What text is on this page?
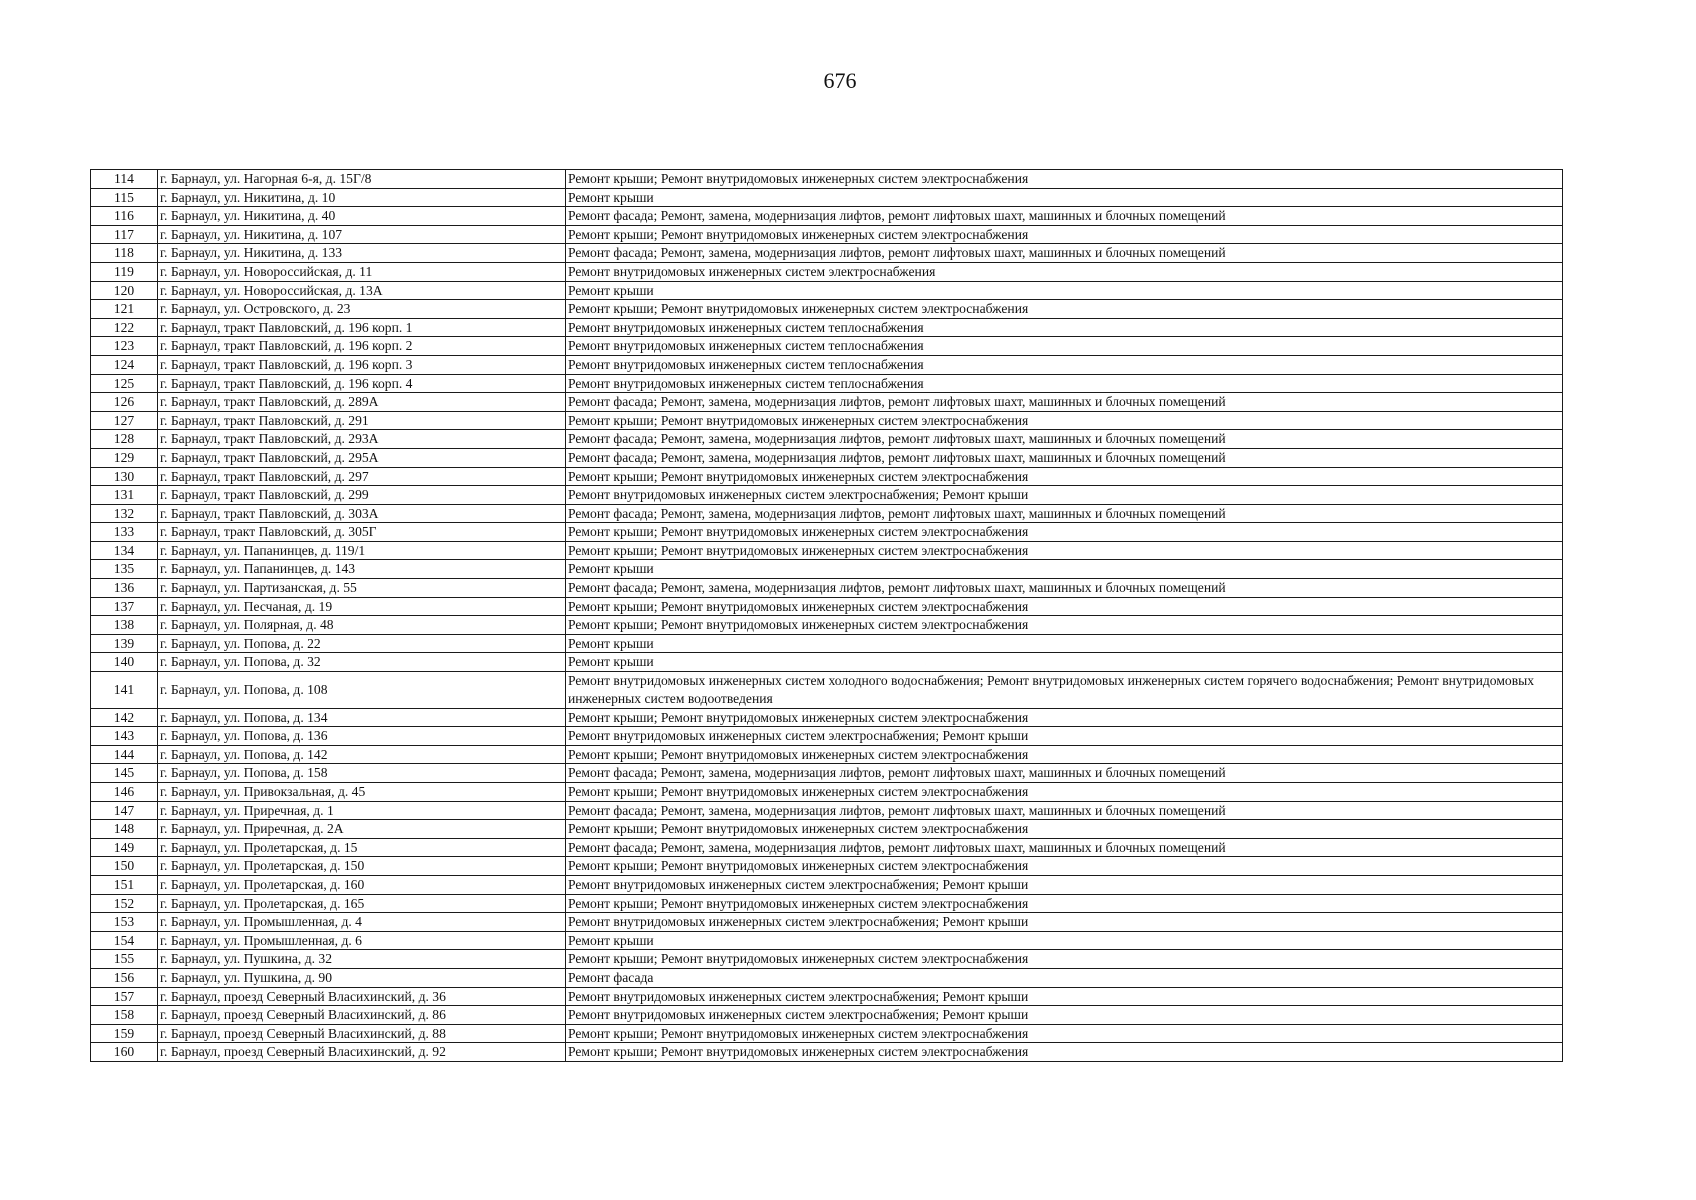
676
114	г. Барнаул, ул. Нагорная 6-я, д. 15Г/8	Ремонт крыши; Ремонт внутридомовых инженерных систем электроснабжения
115	г. Барнаул, ул. Никитина, д. 10	Ремонт крыши
116	г. Барнаул, ул. Никитина, д. 40	Ремонт фасада; Ремонт, замена, модернизация лифтов, ремонт лифтовых шахт, машинных и блочных помещений
117	г. Барнаул, ул. Никитина, д. 107	Ремонт крыши; Ремонт внутридомовых инженерных систем электроснабжения
118	г. Барнаул, ул. Никитина, д. 133	Ремонт фасада; Ремонт, замена, модернизация лифтов, ремонт лифтовых шахт, машинных и блочных помещений
119	г. Барнаул, ул. Новороссийская, д. 11	Ремонт внутридомовых инженерных систем электроснабжения
120	г. Барнаул, ул. Новороссийская, д. 13А	Ремонт крыши
121	г. Барнаул, ул. Островского, д. 23	Ремонт крыши; Ремонт внутридомовых инженерных систем электроснабжения
122	г. Барнаул, тракт Павловский, д. 196 корп. 1	Ремонт внутридомовых инженерных систем теплоснабжения
123	г. Барнаул, тракт Павловский, д. 196 корп. 2	Ремонт внутридомовых инженерных систем теплоснабжения
124	г. Барнаул, тракт Павловский, д. 196 корп. 3	Ремонт внутридомовых инженерных систем теплоснабжения
125	г. Барнаул, тракт Павловский, д. 196 корп. 4	Ремонт внутридомовых инженерных систем теплоснабжения
126	г. Барнаул, тракт Павловский, д. 289А	Ремонт фасада; Ремонт, замена, модернизация лифтов, ремонт лифтовых шахт, машинных и блочных помещений
127	г. Барнаул, тракт Павловский, д. 291	Ремонт крыши; Ремонт внутридомовых инженерных систем электроснабжения
128	г. Барнаул, тракт Павловский, д. 293А	Ремонт фасада; Ремонт, замена, модернизация лифтов, ремонт лифтовых шахт, машинных и блочных помещений
129	г. Барнаул, тракт Павловский, д. 295А	Ремонт фасада; Ремонт, замена, модернизация лифтов, ремонт лифтовых шахт, машинных и блочных помещений
130	г. Барнаул, тракт Павловский, д. 297	Ремонт крыши; Ремонт внутридомовых инженерных систем электроснабжения
131	г. Барнаул, тракт Павловский, д. 299	Ремонт внутридомовых инженерных систем электроснабжения; Ремонт крыши
132	г. Барнаул, тракт Павловский, д. 303А	Ремонт фасада; Ремонт, замена, модернизация лифтов, ремонт лифтовых шахт, машинных и блочных помещений
133	г. Барнаул, тракт Павловский, д. 305Г	Ремонт крыши; Ремонт внутридомовых инженерных систем электроснабжения
134	г. Барнаул, ул. Папанинцев, д. 119/1	Ремонт крыши; Ремонт внутридомовых инженерных систем электроснабжения
135	г. Барнаул, ул. Папанинцев, д. 143	Ремонт крыши
136	г. Барнаул, ул. Партизанская, д. 55	Ремонт фасада; Ремонт, замена, модернизация лифтов, ремонт лифтовых шахт, машинных и блочных помещений
137	г. Барнаул, ул. Песчаная, д. 19	Ремонт крыши; Ремонт внутридомовых инженерных систем электроснабжения
138	г. Барнаул, ул. Полярная, д. 48	Ремонт крыши; Ремонт внутридомовых инженерных систем электроснабжения
139	г. Барнаул, ул. Попова, д. 22	Ремонт крыши
140	г. Барнаул, ул. Попова, д. 32	Ремонт крыши
141	г. Барнаул, ул. Попова, д. 108	Ремонт внутридомовых инженерных систем холодного водоснабжения; Ремонт внутридомовых инженерных систем горячего водоснабжения; Ремонт внутридомовых инженерных систем водоотведения
142	г. Барнаул, ул. Попова, д. 134	Ремонт крыши; Ремонт внутридомовых инженерных систем электроснабжения
143	г. Барнаул, ул. Попова, д. 136	Ремонт внутридомовых инженерных систем электроснабжения; Ремонт крыши
144	г. Барнаул, ул. Попова, д. 142	Ремонт крыши; Ремонт внутридомовых инженерных систем электроснабжения
145	г. Барнаул, ул. Попова, д. 158	Ремонт фасада; Ремонт, замена, модернизация лифтов, ремонт лифтовых шахт, машинных и блочных помещений
146	г. Барнаул, ул. Привокзальная, д. 45	Ремонт крыши; Ремонт внутридомовых инженерных систем электроснабжения
147	г. Барнаул, ул. Приречная, д. 1	Ремонт фасада; Ремонт, замена, модернизация лифтов, ремонт лифтовых шахт, машинных и блочных помещений
148	г. Барнаул, ул. Приречная, д. 2А	Ремонт крыши; Ремонт внутридомовых инженерных систем электроснабжения
149	г. Барнаул, ул. Пролетарская, д. 15	Ремонт фасада; Ремонт, замена, модернизация лифтов, ремонт лифтовых шахт, машинных и блочных помещений
150	г. Барнаул, ул. Пролетарская, д. 150	Ремонт крыши; Ремонт внутридомовых инженерных систем электроснабжения
151	г. Барнаул, ул. Пролетарская, д. 160	Ремонт внутридомовых инженерных систем электроснабжения; Ремонт крыши
152	г. Барнаул, ул. Пролетарская, д. 165	Ремонт крыши; Ремонт внутридомовых инженерных систем электроснабжения
153	г. Барнаул, ул. Промышленная, д. 4	Ремонт внутридомовых инженерных систем электроснабжения; Ремонт крыши
154	г. Барнаул, ул. Промышленная, д. 6	Ремонт крыши
155	г. Барнаул, ул. Пушкина, д. 32	Ремонт крыши; Ремонт внутридомовых инженерных систем электроснабжения
156	г. Барнаул, ул. Пушкина, д. 90	Ремонт фасада
157	г. Барнаул, проезд Северный Власихинский, д. 36	Ремонт внутридомовых инженерных систем электроснабжения; Ремонт крыши
158	г. Барнаул, проезд Северный Власихинский, д. 86	Ремонт внутридомовых инженерных систем электроснабжения; Ремонт крыши
159	г. Барнаул, проезд Северный Власихинский, д. 88	Ремонт крыши; Ремонт внутридомовых инженерных систем электроснабжения
160	г. Барнаул, проезд Северный Власихинский, д. 92	Ремонт крыши; Ремонт внутридомовых инженерных систем электроснабжения
